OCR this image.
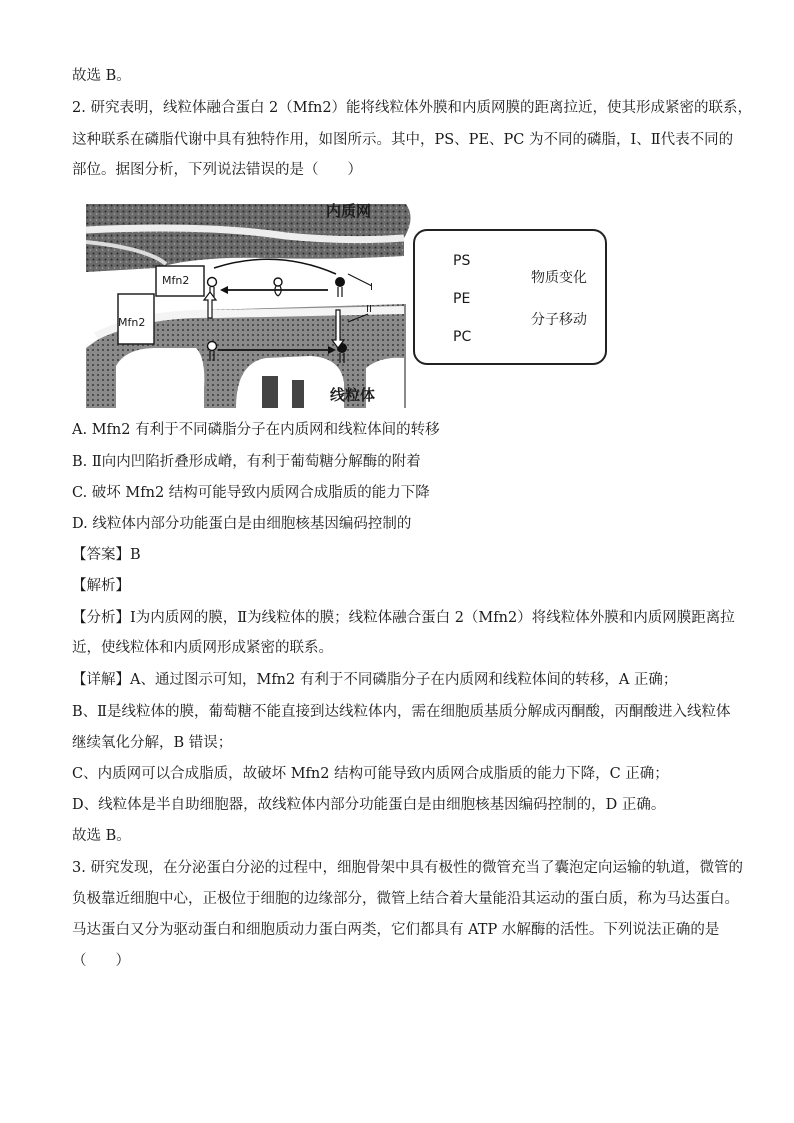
故选 B。
2. 研究表明，线粒体融合蛋白 2（Mfn2）能将线粒体外膜和内质网膜的距离拉近，使其形成紧密的联系，
这种联系在磷脂代谢中具有独特作用，如图所示。其中，PS、PE、PC 为不同的磷脂，Ⅰ、Ⅱ代表不同的
部位。据图分析，下列说法错误的是（　　）
内质网
线粒体
Mfn2
Mfn2
I
II
PS
PE
PC
物质变化
分子移动
A. Mfn2 有利于不同磷脂分子在内质网和线粒体间的转移
B. Ⅱ向内凹陷折叠形成嵴，有利于葡萄糖分解酶的附着
C. 破坏 Mfn2 结构可能导致内质网合成脂质的能力下降
D. 线粒体内部分功能蛋白是由细胞核基因编码控制的
【答案】B
【解析】
【分析】Ⅰ为内质网的膜，Ⅱ为线粒体的膜；线粒体融合蛋白 2（Mfn2）将线粒体外膜和内质网膜距离拉
近，使线粒体和内质网形成紧密的联系。
【详解】A、通过图示可知，Mfn2 有利于不同磷脂分子在内质网和线粒体间的转移，A 正确；
B、Ⅱ是线粒体的膜，葡萄糖不能直接到达线粒体内，需在细胞质基质分解成丙酮酸，丙酮酸进入线粒体
继续氧化分解，B 错误；
C、内质网可以合成脂质，故破坏 Mfn2 结构可能导致内质网合成脂质的能力下降，C 正确；
D、线粒体是半自助细胞器，故线粒体内部分功能蛋白是由细胞核基因编码控制的，D 正确。
故选 B。
3. 研究发现，在分泌蛋白分泌的过程中，细胞骨架中具有极性的微管充当了囊泡定向运输的轨道，微管的
负极靠近细胞中心，正极位于细胞的边缘部分，微管上结合着大量能沿其运动的蛋白质，称为马达蛋白。
马达蛋白又分为驱动蛋白和细胞质动力蛋白两类，它们都具有 ATP 水解酶的活性。下列说法正确的是
（　　）
